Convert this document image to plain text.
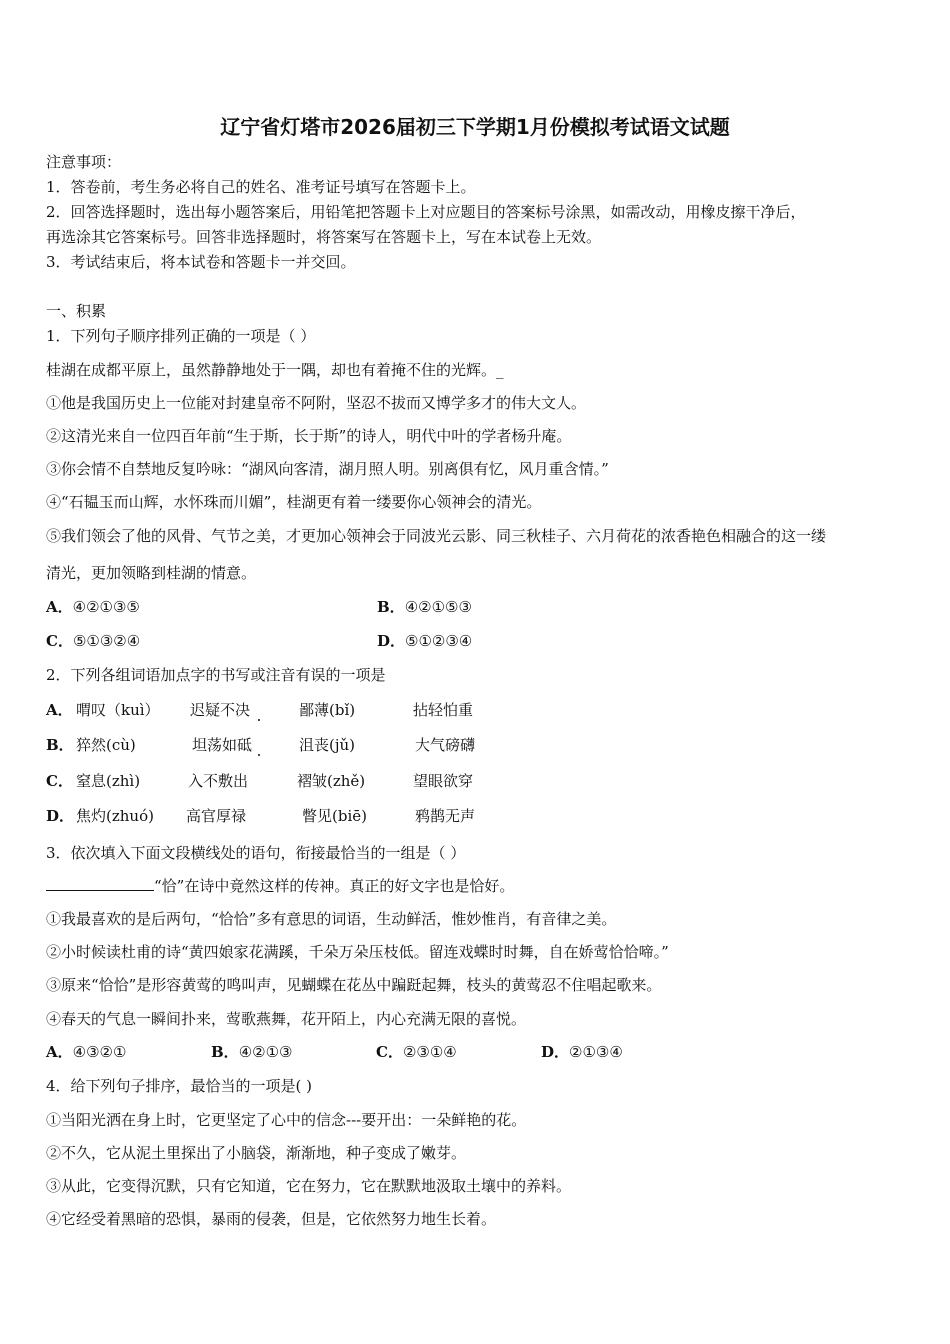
辽宁省灯塔市2026届初三下学期1月份模拟考试语文试题
注意事项：
1．答卷前，考生务必将自己的姓名、准考证号填写在答题卡上。
2．回答选择题时，选出每小题答案后，用铅笔把答题卡上对应题目的答案标号涂黑，如需改动，用橡皮擦干净后，
再选涂其它答案标号。回答非选择题时，将答案写在答题卡上，写在本试卷上无效。
3．考试结束后，将本试卷和答题卡一并交回。
一、积累
1．下列句子顺序排列正确的一项是（ ）
桂湖在成都平原上，虽然静静地处于一隅，却也有着掩不住的光辉。_
①他是我国历史上一位能对封建皇帝不阿附，坚忍不拔而又博学多才的伟大文人。
②这清光来自一位四百年前“生于斯，长于斯”的诗人，明代中叶的学者杨升庵。
③你会情不自禁地反复吟咏：“湖风向客清，湖月照人明。别离俱有忆，风月重含情。”
④“石韫玉而山辉，水怀珠而川媚”，桂湖更有着一缕要你心领神会的清光。
⑤我们领会了他的风骨、气节之美，才更加心领神会于同波光云影、同三秋桂子、六月荷花的浓香艳色相融合的这一缕
清光，更加领略到桂湖的情意。
A．④②①③⑤	B．④②①⑤③
C．⑤①③②④	D．⑤①②③④
2．下列各组词语加点字的书写或注音有误的一项是
A． 喟叹（kuì） 迟疑不决	鄙薄(bǐ)	拈轻怕重
B． 猝然(cù)	坦荡如砥	沮丧(jǔ)	大气磅礴
C． 窒息(zhì)	入不敷出	褶皱(zhě)	望眼欲穿
D． 焦灼(zhuó) 高官厚禄	瞥见(biē)	鸦鹊无声
3．依次填入下面文段横线处的语句，衔接最恰当的一组是（ ）
“恰”在诗中竟然这样的传神。真正的好文字也是恰好。
①我最喜欢的是后两句，“恰恰”多有意思的词语，生动鲜活，惟妙惟肖，有音律之美。
②小时候读杜甫的诗“黄四娘家花满蹊，千朵万朵压枝低。留连戏蝶时时舞，自在娇莺恰恰啼。”
③原来“恰恰”是形容黄莺的鸣叫声，见蝴蝶在花丛中蹁跹起舞，枝头的黄莺忍不住唱起歌来。
④春天的气息一瞬间扑来，莺歌燕舞，花开陌上，内心充满无限的喜悦。
A．④③②①	B．④②①③	C．②③①④	D．②①③④
4．给下列句子排序，最恰当的一项是( )
①当阳光洒在身上时，它更坚定了心中的信念---要开出：一朵鲜艳的花。
②不久，它从泥土里探出了小脑袋，渐渐地，种子变成了嫩芽。
③从此，它变得沉默，只有它知道，它在努力，它在默默地汲取土壤中的养料。
④它经受着黑暗的恐惧，暴雨的侵袭，但是，它依然努力地生长着。
